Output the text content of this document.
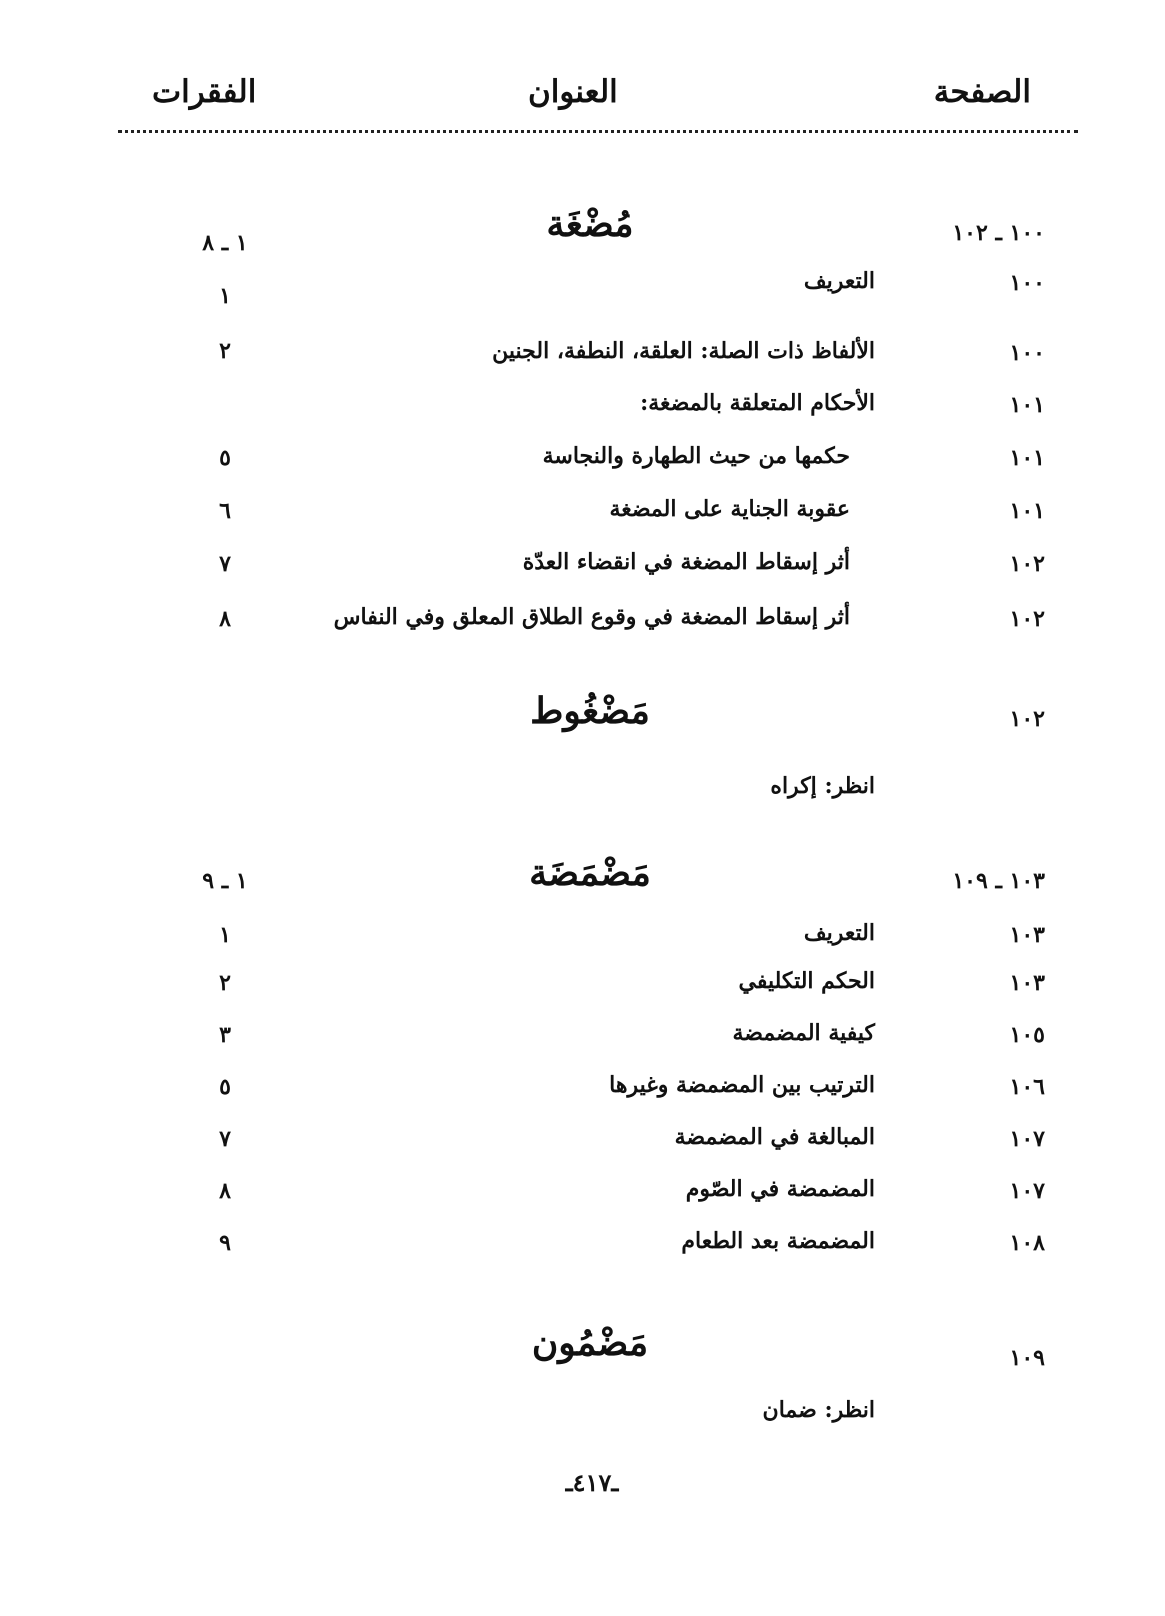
الصفحة
العنوان
الفقرات
١٠٠ ـ ١٠٢
مُضْغَة
١ ـ ٨
١٠٠
التعريف
١
١٠٠
الألفاظ ذات الصلة: العلقة، النطفة، الجنين
٢
١٠١
الأحكام المتعلقة بالمضغة:
١٠١
حكمها من حيث الطهارة والنجاسة
٥
١٠١
عقوبة الجناية على المضغة
٦
١٠٢
أثر إسقاط المضغة في انقضاء العدّة
٧
١٠٢
أثر إسقاط المضغة في وقوع الطلاق المعلق وفي النفاس
٨
١٠٢
مَضْغُوط
انظر: إكراه
١٠٣ ـ ١٠٩
مَضْمَضَة
١ ـ ٩
١٠٣
التعريف
١
١٠٣
الحكم التكليفي
٢
١٠٥
كيفية المضمضة
٣
١٠٦
الترتيب بين المضمضة وغيرها
٥
١٠٧
المبالغة في المضمضة
٧
١٠٧
المضمضة في الصّوم
٨
١٠٨
المضمضة بعد الطعام
٩
١٠٩
مَضْمُون
انظر: ضمان
ـ٤١٧ـ
